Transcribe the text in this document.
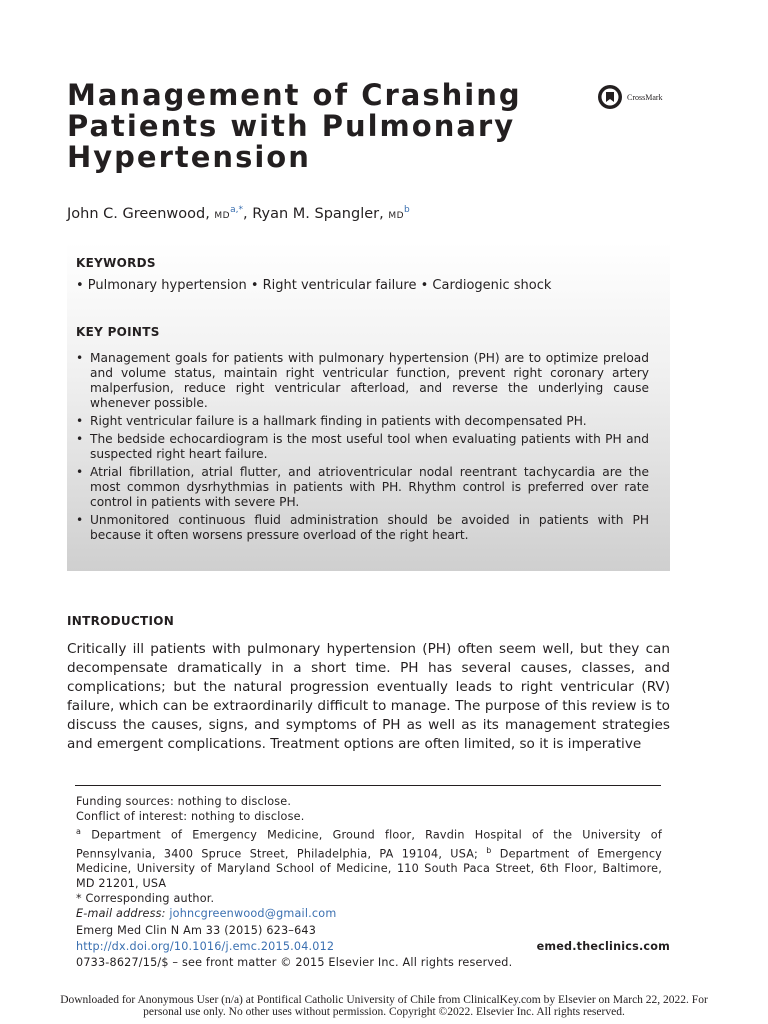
Management of Crashing Patients with Pulmonary Hypertension
CrossMark
John C. Greenwood, $MD^{a,*}$, Ryan M. Spangler, $MD^b$
KEYWORDS
• Pulmonary hypertension • Right ventricular failure • Cardiogenic shock
KEY POINTS
• Management goals for patients with pulmonary hypertension (PH) are to optimize preload and volume status, maintain right ventricular function, prevent right coronary artery malperfusion, reduce right ventricular afterload, and reverse the underlying cause whenever possible.
• Right ventricular failure is a hallmark finding in patients with decompensated PH.
• The bedside echocardiogram is the most useful tool when evaluating patients with PH and suspected right heart failure.
• Atrial fibrillation, atrial flutter, and atrioventricular nodal reentrant tachycardia are the most common dysrhythmias in patients with PH. Rhythm control is preferred over rate control in patients with severe PH.
• Unmonitored continuous fluid administration should be avoided in patients with PH because it often worsens pressure overload of the right heart.
INTRODUCTION

Critically ill patients with pulmonary hypertension (PH) often seem well, but they can decompensate dramatically in a short time. PH has several causes, classes, and complications; but the natural progression eventually leads to right ventricular (RV) failure, which can be extraordinarily difficult to manage. The purpose of this review is to discuss the causes, signs, and symptoms of PH as well as its management strategies and emergent complications. Treatment options are often limited, so it is imperative

Funding sources: nothing to disclose.

Conflict of interest: nothing to disclose.

$^a$ Department of Emergency Medicine, Ground floor, Ravdin Hospital of the University of Pennsylvania, 3400 Spruce Street, Philadelphia, PA 19104, USA; $^b$ Department of Emergency Medicine, University of Maryland School of Medicine, 110 South Paca Street, 6th Floor, Baltimore, MD 21201, USA

* Corresponding author.

E-mail address: johncgreenwood@gmail.com

Emerg Med Clin N Am 33 (2015) 623–643

http://dx.doi.org/10.1016/j.emc.2015.04.012

0733-8627/15/$ – see front matter © 2015 Elsevier Inc. All rights reserved.

emed.theclinics.com
Downloaded for Anonymous User (n/a) at Pontifical Catholic University of Chile from ClinicalKey.com by Elsevier on March 22, 2022. For personal use only. No other uses without permission. Copyright ©2022. Elsevier Inc. All rights reserved.
